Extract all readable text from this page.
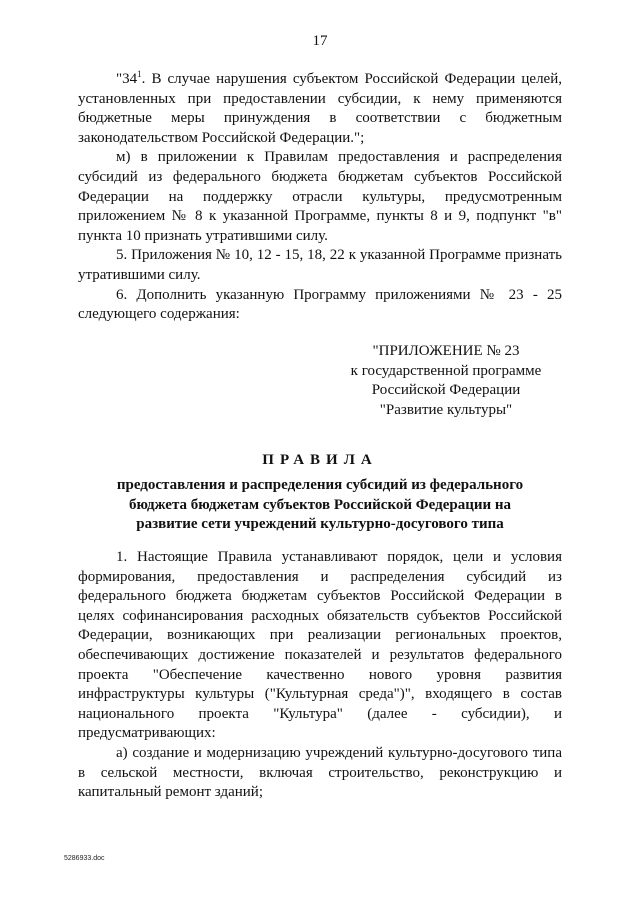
17

"$34^1$. В случае нарушения субъектом Российской Федерации целей, установленных при предоставлении субсидии, к нему применяются бюджетные меры принуждения в соответствии с бюджетным законодательством Российской Федерации.";

м) в приложении к Правилам предоставления и распределения субсидий из федерального бюджета бюджетам субъектов Российской Федерации на поддержку отрасли культуры, предусмотренным приложением № 8 к указанной Программе, пункты 8 и 9, подпункт "в" пункта 10 признать утратившими силу.

5. Приложения № 10, 12 - 15, 18, 22 к указанной Программе признать утратившими силу.

6. Дополнить указанную Программу приложениями № 23 - 25 следующего содержания:

"ПРИЛОЖЕНИЕ № 23
к государственной программе
Российской Федерации
"Развитие культуры"
ПРАВИЛА
предоставления и распределения субсидий из федерального бюджета бюджетам субъектов Российской Федерации на развитие сети учреждений культурно-досугового типа

1. Настоящие Правила устанавливают порядок, цели и условия формирования, предоставления и распределения субсидий из федерального бюджета бюджетам субъектов Российской Федерации в целях софинансирования расходных обязательств субъектов Российской Федерации, возникающих при реализации региональных проектов, обеспечивающих достижение показателей и результатов федерального проекта "Обеспечение качественно нового уровня развития инфраструктуры культуры ("Культурная среда")", входящего в состав национального проекта "Культура" (далее - субсидии), и предусматривающих:

а) создание и модернизацию учреждений культурно-досугового типа в сельской местности, включая строительство, реконструкцию и капитальный ремонт зданий;

5286933.doc
